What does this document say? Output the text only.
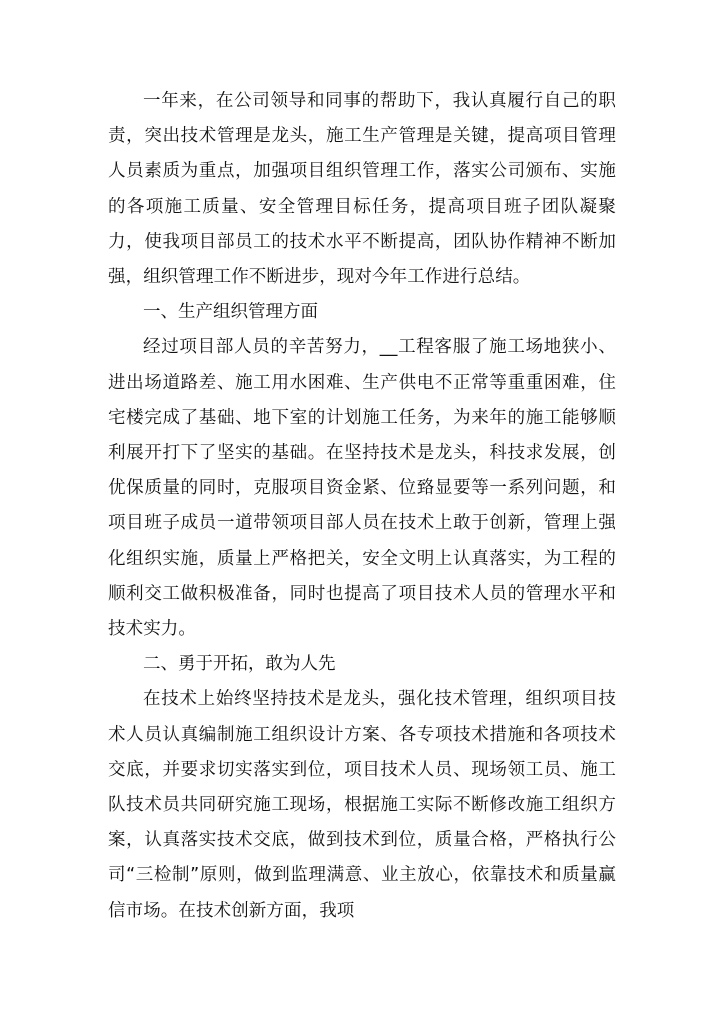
一年来，在公司领导和同事的帮助下，我认真履行自己的职责，突出技术管理是龙头，施工生产管理是关键，提高项目管理人员素质为重点，加强项目组织管理工作，落实公司颁布、实施的各项施工质量、安全管理目标任务，提高项目班子团队凝聚力，使我项目部员工的技术水平不断提高，团队协作精神不断加强，组织管理工作不断进步，现对今年工作进行总结。

一、生产组织管理方面

经过项目部人员的辛苦努力，__工程客服了施工场地狭小、进出场道路差、施工用水困难、生产供电不正常等重重困难，住宅楼完成了基础、地下室的计划施工任务，为来年的施工能够顺利展开打下了坚实的基础。在坚持技术是龙头，科技求发展，创优保质量的同时，克服项目资金紧、位臵显要等一系列问题，和项目班子成员一道带领项目部人员在技术上敢于创新，管理上强化组织实施，质量上严格把关，安全文明上认真落实，为工程的顺利交工做积极准备，同时也提高了项目技术人员的管理水平和技术实力。

二、勇于开拓，敢为人先

在技术上始终坚持技术是龙头，强化技术管理，组织项目技术人员认真编制施工组织设计方案、各专项技术措施和各项技术交底，并要求切实落实到位，项目技术人员、现场领工员、施工队技术员共同研究施工现场，根据施工实际不断修改施工组织方案，认真落实技术交底，做到技术到位，质量合格，严格执行公司“三检制”原则，做到监理满意、业主放心，依靠技术和质量赢信市场。在技术创新方面，我项
